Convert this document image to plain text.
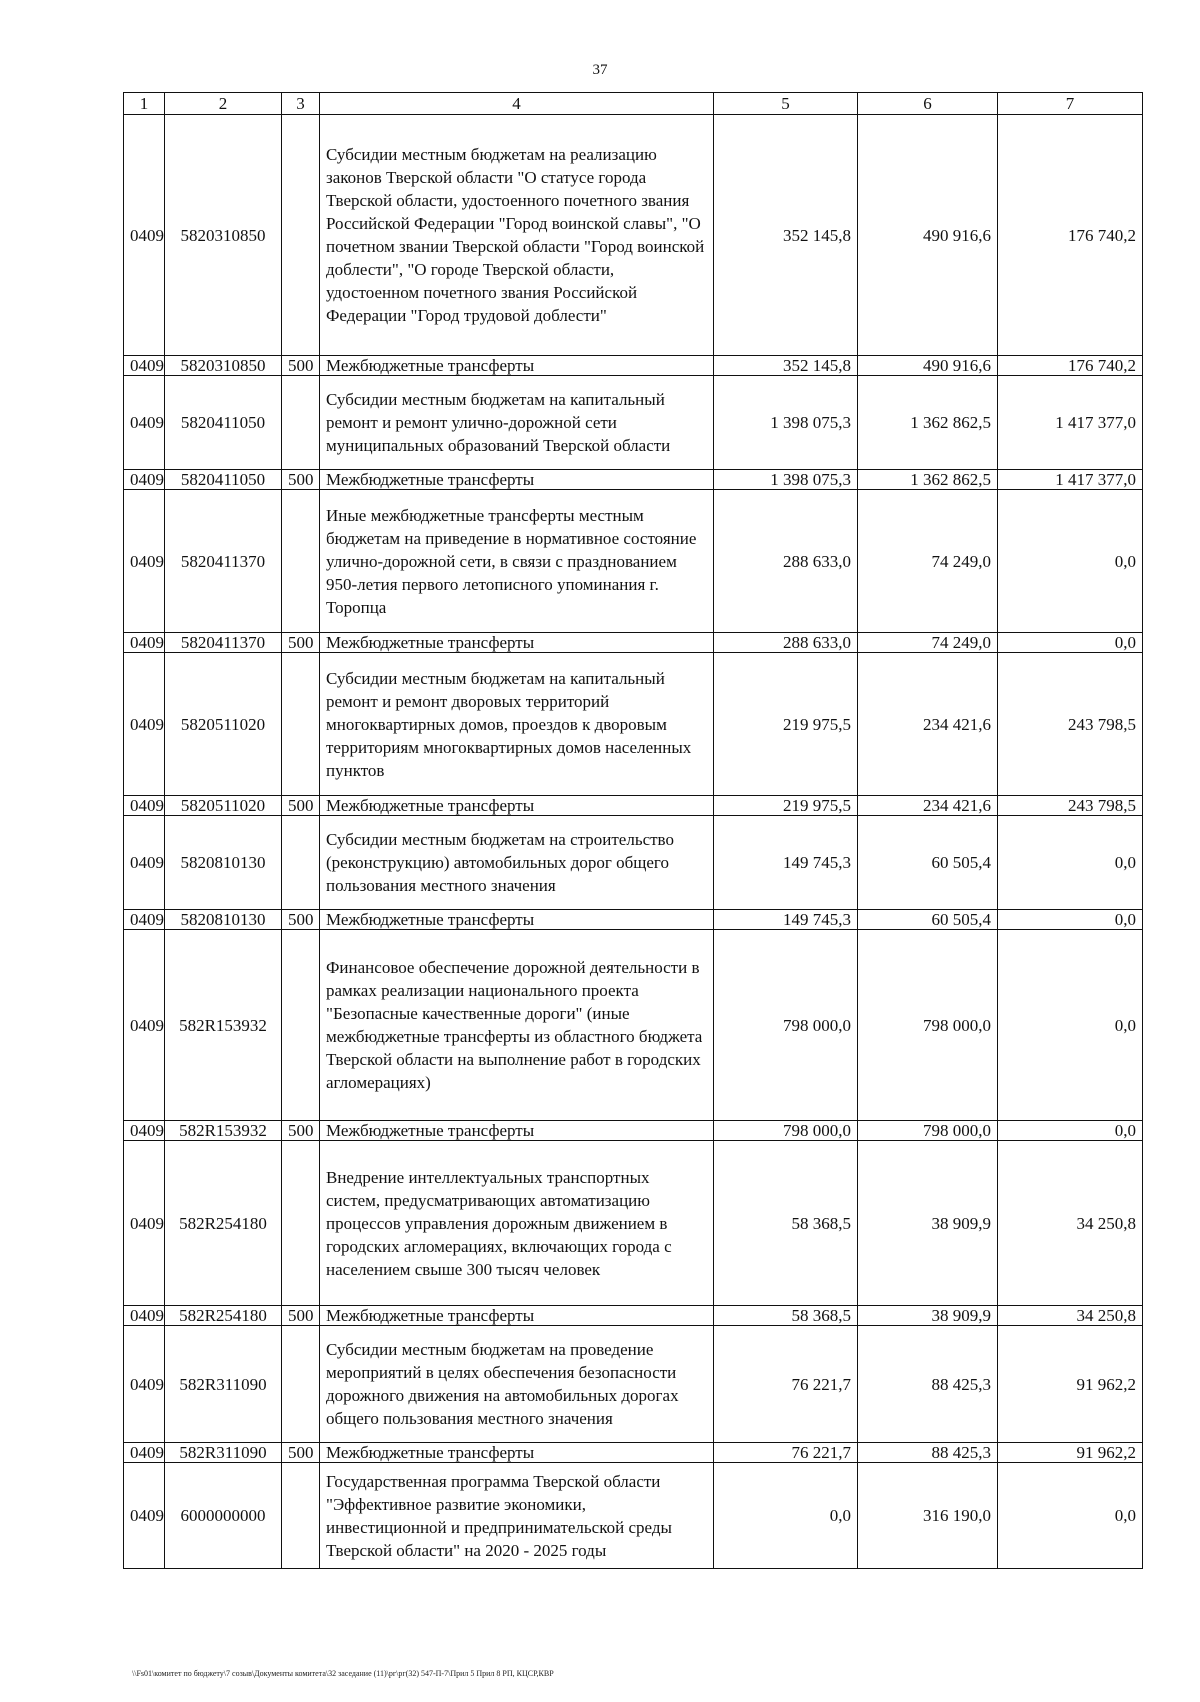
37
1	2	3	4	5	6	7
0409	5820310850		Субсидии местным бюджетам на реализацию законов Тверской области "О статусе города Тверской области, удостоенного почетного звания Российской Федерации "Город воинской славы", "О почетном звании Тверской области "Город воинской доблести", "О городе Тверской области, удостоенном почетного звания Российской Федерации "Город трудовой доблести"	352 145,8	490 916,6	176 740,2
0409	5820310850	500	Межбюджетные трансферты	352 145,8	490 916,6	176 740,2
0409	5820411050		Субсидии местным бюджетам на капитальный ремонт и ремонт улично-дорожной сети муниципальных образований Тверской области	1 398 075,3	1 362 862,5	1 417 377,0
0409	5820411050	500	Межбюджетные трансферты	1 398 075,3	1 362 862,5	1 417 377,0
0409	5820411370		Иные межбюджетные трансферты местным бюджетам на приведение в нормативное состояние улично-дорожной сети, в связи с празднованием 950-летия первого летописного упоминания г. Торопца	288 633,0	74 249,0	0,0
0409	5820411370	500	Межбюджетные трансферты	288 633,0	74 249,0	0,0
0409	5820511020		Субсидии местным бюджетам на капитальный ремонт и ремонт дворовых территорий многоквартирных домов, проездов к дворовым территориям многоквартирных домов населенных пунктов	219 975,5	234 421,6	243 798,5
0409	5820511020	500	Межбюджетные трансферты	219 975,5	234 421,6	243 798,5
0409	5820810130		Субсидии местным бюджетам на строительство (реконструкцию) автомобильных дорог общего пользования местного значения	149 745,3	60 505,4	0,0
0409	5820810130	500	Межбюджетные трансферты	149 745,3	60 505,4	0,0
0409	582R153932		Финансовое обеспечение дорожной деятельности в рамках реализации национального проекта "Безопасные качественные дороги" (иные межбюджетные трансферты из областного бюджета Тверской области на выполнение работ в городских агломерациях)	798 000,0	798 000,0	0,0
0409	582R153932	500	Межбюджетные трансферты	798 000,0	798 000,0	0,0
0409	582R254180		Внедрение интеллектуальных транспортных систем, предусматривающих автоматизацию процессов управления дорожным движением в городских агломерациях, включающих города с населением свыше 300 тысяч человек	58 368,5	38 909,9	34 250,8
0409	582R254180	500	Межбюджетные трансферты	58 368,5	38 909,9	34 250,8
0409	582R311090		Субсидии местным бюджетам на проведение мероприятий в целях обеспечения безопасности дорожного движения на автомобильных дорогах общего пользования местного значения	76 221,7	88 425,3	91 962,2
0409	582R311090	500	Межбюджетные трансферты	76 221,7	88 425,3	91 962,2
0409	6000000000		Государственная программа Тверской области "Эффективное развитие экономики, инвестиционной и предпринимательской среды Тверской области" на 2020 - 2025 годы	0,0	316 190,0	0,0
\\Fs01\комитет по бюджету\7 созыв\Документы комитета\32 заседание (11)\рг\рг(32) 547-П-7\Прил 5 Прил 8 РП, КЦСР,КВР
